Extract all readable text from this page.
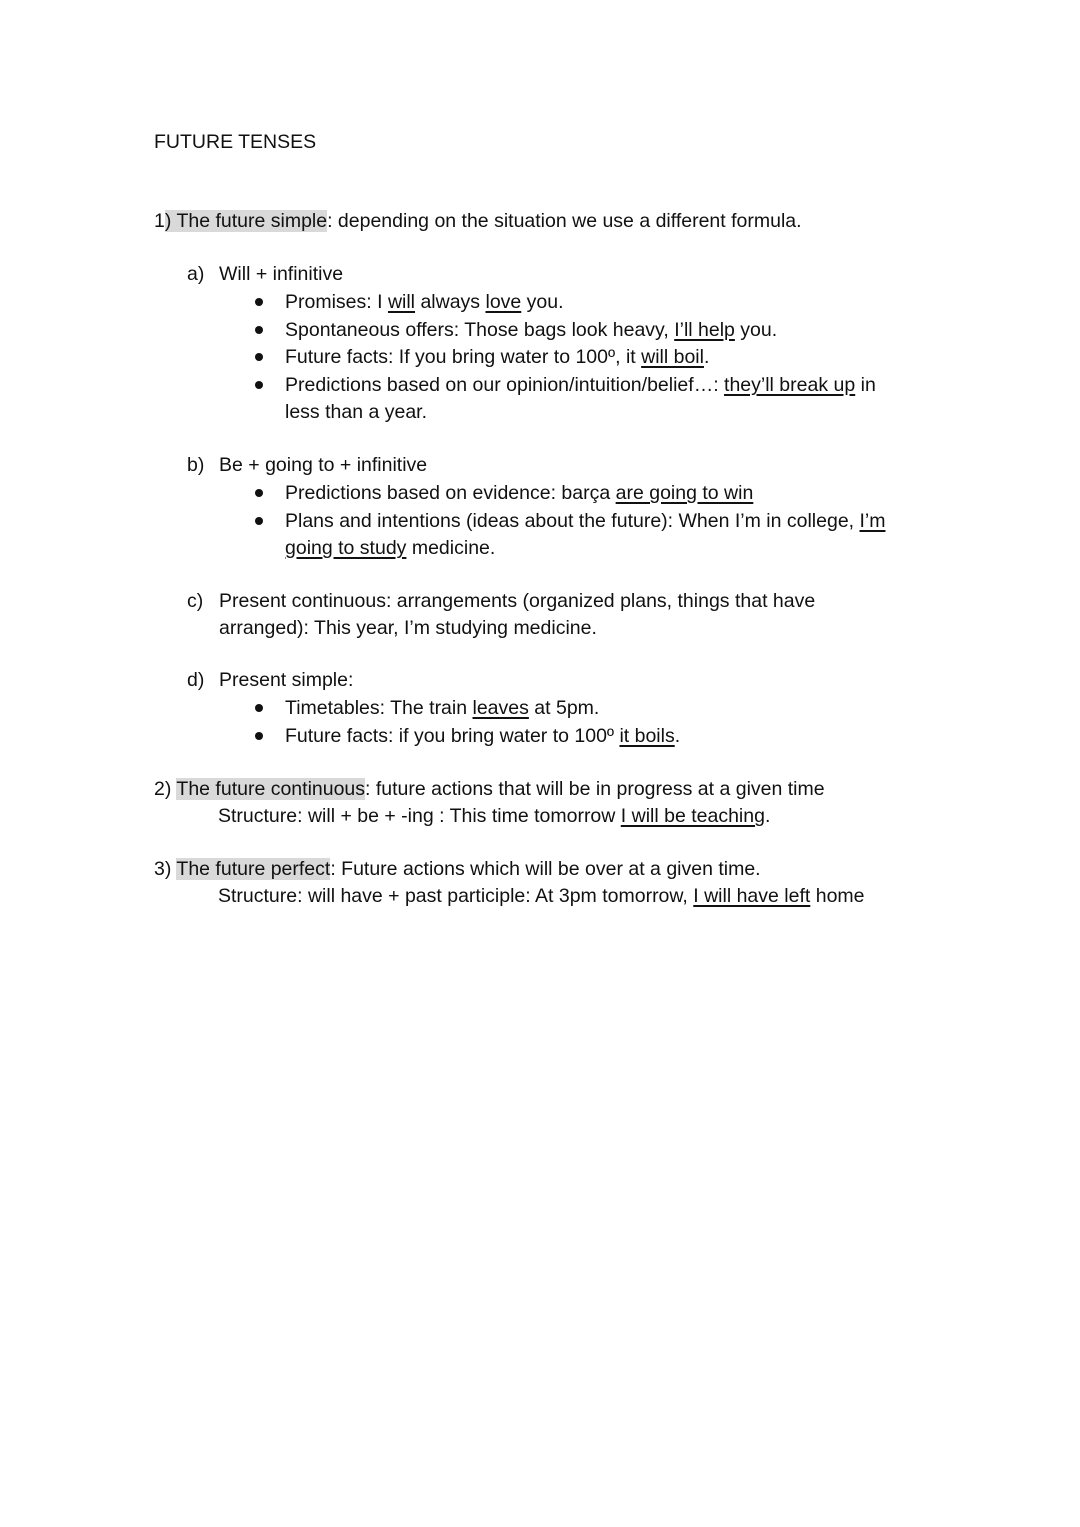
FUTURE TENSES
1) The future simple: depending on the situation we use a different formula.
a) Will + infinitive
Promises: I will always love you.
Spontaneous offers: Those bags look heavy, I’ll help you.
Future facts: If you bring water to 100º, it will boil.
Predictions based on our opinion/intuition/belief…: they’ll break up in
less than a year.
b) Be + going to + infinitive
Predictions based on evidence: barça are going to win
Plans and intentions (ideas about the future): When I’m in college, I’m
going to study medicine.
c) Present continuous: arrangements (organized plans, things that have
arranged): This year, I’m studying medicine.
d) Present simple:
Timetables: The train leaves at 5pm.
Future facts: if you bring water to 100º it boils.
2) The future continuous: future actions that will be in progress at a given time
Structure: will + be + -ing : This time tomorrow I will be teaching.
3) The future perfect: Future actions which will be over at a given time.
Structure: will have + past participle: At 3pm tomorrow, I will have left home
